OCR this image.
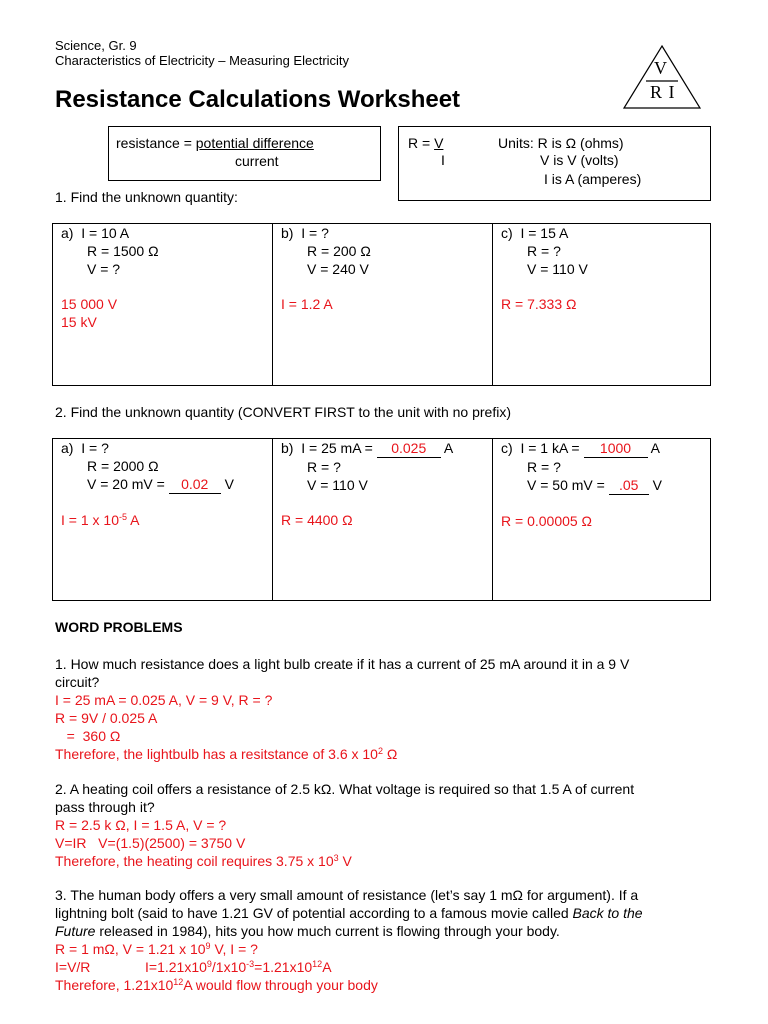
Science, Gr. 9
Characteristics of Electricity – Measuring Electricity
Resistance Calculations Worksheet
V
R I
resistance = potential difference
current
R = V
I
Units: R is Ω (ohms)
V is V (volts)
I is A (amperes)
1. Find the unknown quantity:
a) I = 10 A
R = 1500 Ω
V = ?
15 000 V
15 kV

b) I = ?
R = 200 Ω
V = 240 V
I = 1.2 A

c) I = 15 A
R = ?
V = 110 V
R = 7.333 Ω
2. Find the unknown quantity (CONVERT FIRST to the unit with no prefix)
a) I = ?
R = 2000 Ω
V = 20 mV = 0.02 V
I = 1 x $10^{-5}$ A

b) I = 25 mA = 0.025 A
R = ?
V = 110 V
R = 4400 Ω

c) I = 1 kA = 1000 A
R = ?
V = 50 mV = .05 V
R = 0.00005 Ω
WORD PROBLEMS
1. How much resistance does a light bulb create if it has a current of 25 mA around it in a 9 V
circuit?
I = 25 mA = 0.025 A, V = 9 V, R = ?
R = 9V / 0.025 A
=  360 Ω
Therefore, the lightbulb has a resitstance of 3.6 x $10^2$ Ω
2. A heating coil offers a resistance of 2.5 kΩ. What voltage is required so that 1.5 A of current
pass through it?
R = 2.5 k Ω, I = 1.5 A, V = ?
V=IR   V=(1.5)(2500) = 3750 V
Therefore, the heating coil requires 3.75 x $10^3$ V
3. The human body offers a very small amount of resistance (let’s say 1 mΩ for argument). If a
lightning bolt (said to have 1.21 GV of potential according to a famous movie called Back to the
Future released in 1984), hits you how much current is flowing through your body.
R = 1 mΩ, V = 1.21 x $10^9$ V, I = ?
I=V/R	$I=1.21x10^9/1x10^{-3}=1.21x10^{12}A$
Therefore, $1.21x10^{12}A$ would flow through your body
